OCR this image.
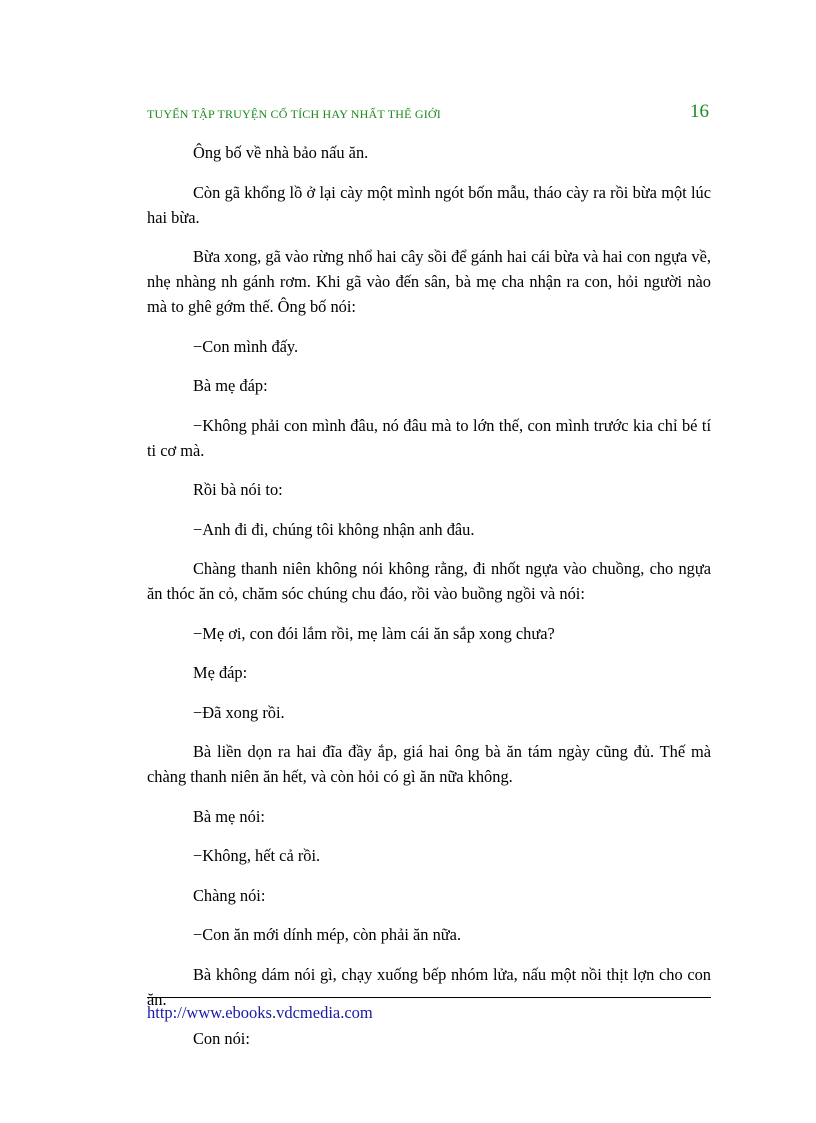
TUYỂN TẬP TRUYỆN CỔ TÍCH HAY NHẤT THẾ GIỚI	16

Ông bố về nhà bảo nấu ăn.

Còn gã khổng lồ ở lại cày một mình ngót bốn mẫu, tháo cày ra rồi bừa một lúc hai bừa.

Bừa xong, gã vào rừng nhổ hai cây sồi để gánh hai cái bừa và hai con ngựa về, nhẹ nhàng nh gánh rơm. Khi gã vào đến sân, bà mẹ cha nhận ra con, hỏi người nào mà to ghê gớm thế. Ông bố nói:

−Con mình đấy.

Bà mẹ đáp:

−Không phải con mình đâu, nó đâu mà to lớn thế, con mình trước kia chỉ bé tí ti cơ mà.

Rồi bà nói to:

−Anh đi đi, chúng tôi không nhận anh đâu.

Chàng thanh niên không nói không rằng, đi nhốt ngựa vào chuồng, cho ngựa ăn thóc ăn cỏ, chăm sóc chúng chu đáo, rồi vào buồng ngồi và nói:

−Mẹ ơi, con đói lắm rồi, mẹ làm cái ăn sắp xong chưa?

Mẹ đáp:

−Đã xong rồi.

Bà liền dọn ra hai đĩa đầy ắp, giá hai ông bà ăn tám ngày cũng đủ. Thế mà chàng thanh niên ăn hết, và còn hỏi có gì ăn nữa không.

Bà mẹ nói:

−Không, hết cả rồi.

Chàng nói:

−Con ăn mới dính mép, còn phải ăn nữa.

Bà không dám nói gì, chạy xuống bếp nhóm lửa, nấu một nồi thịt lợn cho con ăn.

Con nói:

http://www.ebooks.vdcmedia.com
